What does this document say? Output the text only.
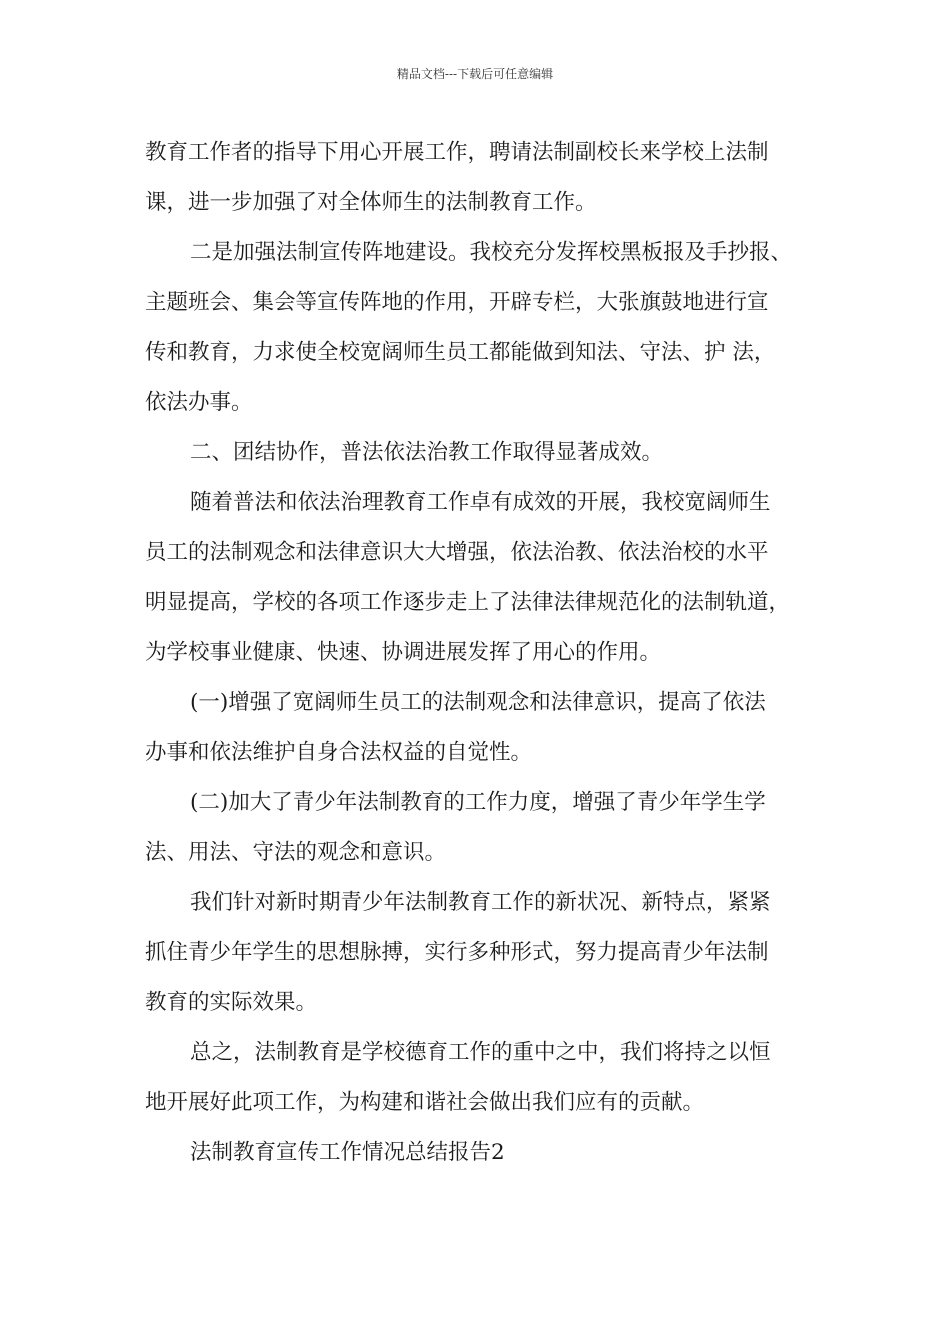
精品文档---下载后可任意编辑
教育工作者的指导下用心开展工作，聘请法制副校长来学校上法制
课，进一步加强了对全体师生的法制教育工作。
二是加强法制宣传阵地建设。我校充分发挥校黑板报及手抄报、
主题班会、集会等宣传阵地的作用，开辟专栏，大张旗鼓地进行宣
传和教育，力求使全校宽阔师生员工都能做到知法、守法、护 法，
依法办事。
二、团结协作，普法依法治教工作取得显著成效。
随着普法和依法治理教育工作卓有成效的开展，我校宽阔师生
员工的法制观念和法律意识大大增强，依法治教、依法治校的水平
明显提高，学校的各项工作逐步走上了法律法律规范化的法制轨道，
为学校事业健康、快速、协调进展发挥了用心的作用。
(一)增强了宽阔师生员工的法制观念和法律意识，提高了依法
办事和依法维护自身合法权益的自觉性。
(二)加大了青少年法制教育的工作力度，增强了青少年学生学
法、用法、守法的观念和意识。
我们针对新时期青少年法制教育工作的新状况、新特点，紧紧
抓住青少年学生的思想脉搏，实行多种形式，努力提高青少年法制
教育的实际效果。
总之，法制教育是学校德育工作的重中之中，我们将持之以恒
地开展好此项工作，为构建和谐社会做出我们应有的贡献。
法制教育宣传工作情况总结报告2
